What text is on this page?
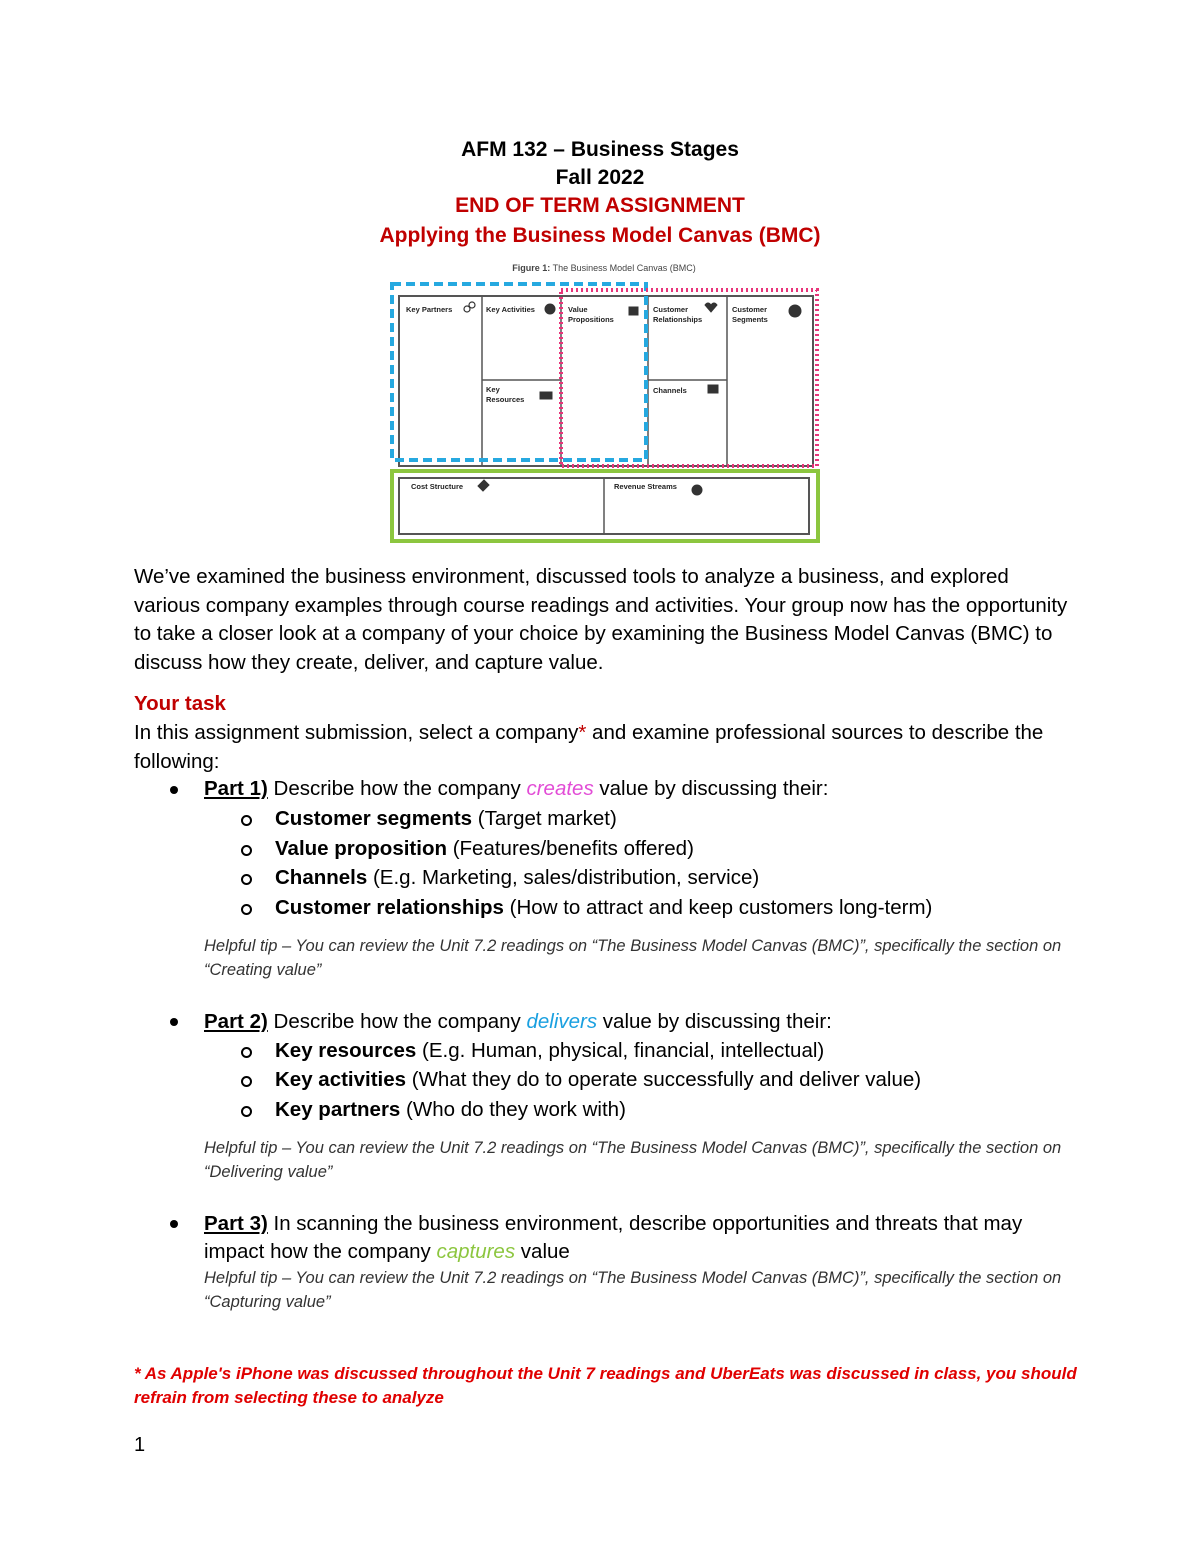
AFM 132 – Business Stages
Fall 2022
END OF TERM ASSIGNMENT
Applying the Business Model Canvas (BMC)
Figure 1: The Business Model Canvas (BMC)
Key Partners	Key Activities
Key
Resources
Value
Propositions
Customer
Relationships
Customer
Segments
Channels
Cost Structure	Revenue Streams
We’ve examined the business environment, discussed tools to analyze a business, and explored various company examples through course readings and activities. Your group now has the opportunity to take a closer look at a company of your choice by examining the Business Model Canvas (BMC) to discuss how they create, deliver, and capture value.
Your task
In this assignment submission, select a company* and examine professional sources to describe the following:
Part 1) Describe how the company creates value by discussing their:
Customer segments (Target market)
Value proposition (Features/benefits offered)
Channels (E.g. Marketing, sales/distribution, service)
Customer relationships (How to attract and keep customers long-term)
Helpful tip – You can review the Unit 7.2 readings on “The Business Model Canvas (BMC)”, specifically the section on “Creating value”
Part 2) Describe how the company delivers value by discussing their:
Key resources (E.g. Human, physical, financial, intellectual)
Key activities (What they do to operate successfully and deliver value)
Key partners (Who do they work with)
Helpful tip – You can review the Unit 7.2 readings on “The Business Model Canvas (BMC)”, specifically the section on “Delivering value”
Part 3) In scanning the business environment, describe opportunities and threats that may
impact how the company captures value
Helpful tip – You can review the Unit 7.2 readings on “The Business Model Canvas (BMC)”, specifically the section on “Capturing value”
* As Apple's iPhone was discussed throughout the Unit 7 readings and UberEats was discussed in class, you should refrain from selecting these to analyze
1
